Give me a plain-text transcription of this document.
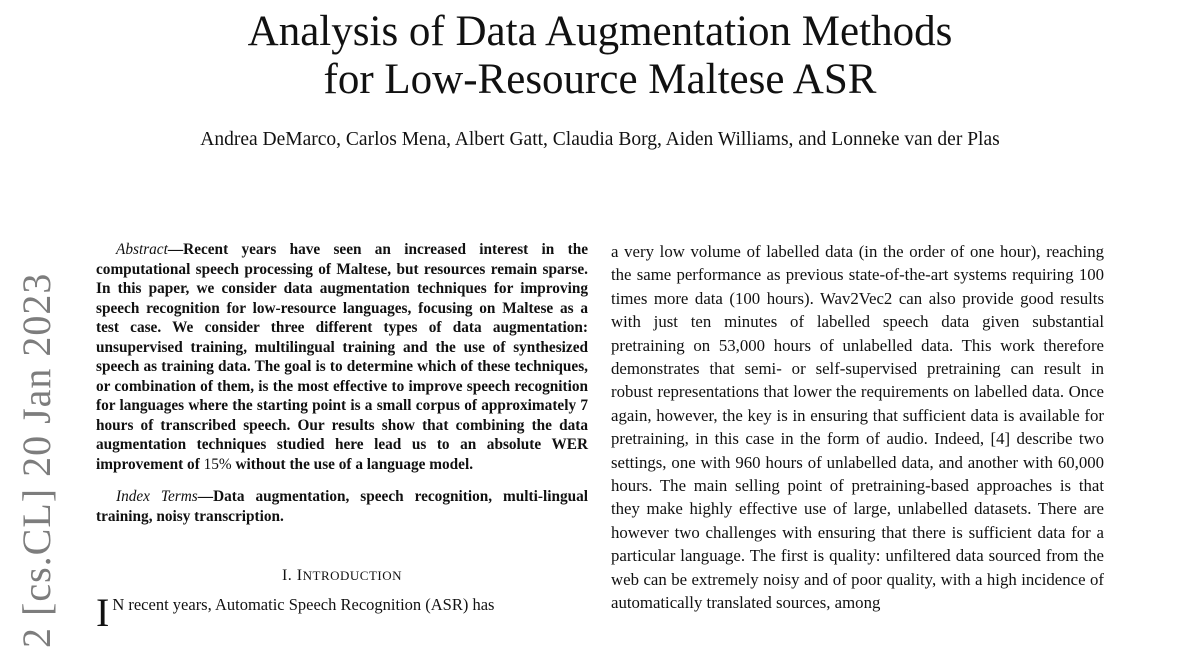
Analysis of Data Augmentation Methods
for Low-Resource Maltese ASR
Andrea DeMarco, Carlos Mena, Albert Gatt, Claudia Borg, Aiden Williams, and Lonneke van der Plas
2 [cs.CL] 20 Jan 2023

Abstract—Recent years have seen an increased interest in the computational speech processing of Maltese, but resources remain sparse. In this paper, we consider data augmentation techniques for improving speech recognition for low-resource languages, focusing on Maltese as a test case. We consider three different types of data augmentation: unsupervised training, multilingual training and the use of synthesized speech as training data. The goal is to determine which of these techniques, or combination of them, is the most effective to improve speech recognition for languages where the starting point is a small corpus of approximately 7 hours of transcribed speech. Our results show that combining the data augmentation techniques studied here lead us to an absolute WER improvement of 15% without the use of a language model.

Index Terms—Data augmentation, speech recognition, multi-lingual training, noisy transcription.

I. INTRODUCTION

I N recent years, Automatic Speech Recognition (ASR) has

a very low volume of labelled data (in the order of one hour), reaching the same performance as previous state-of-the-art systems requiring 100 times more data (100 hours). Wav2Vec2 can also provide good results with just ten minutes of labelled speech data given substantial pretraining on 53,000 hours of unlabelled data. This work therefore demonstrates that semi- or self-supervised pretraining can result in robust representations that lower the requirements on labelled data. Once again, however, the key is in ensuring that sufficient data is available for pretraining, in this case in the form of audio. Indeed, [4] describe two settings, one with 960 hours of unlabelled data, and another with 60,000 hours. The main selling point of pretraining-based approaches is that they make highly effective use of large, unlabelled datasets. There are however two challenges with ensuring that there is sufficient data for a particular language. The first is quality: unfiltered data sourced from the web can be extremely noisy and of poor quality, with a high incidence of automatically translated sources, among
